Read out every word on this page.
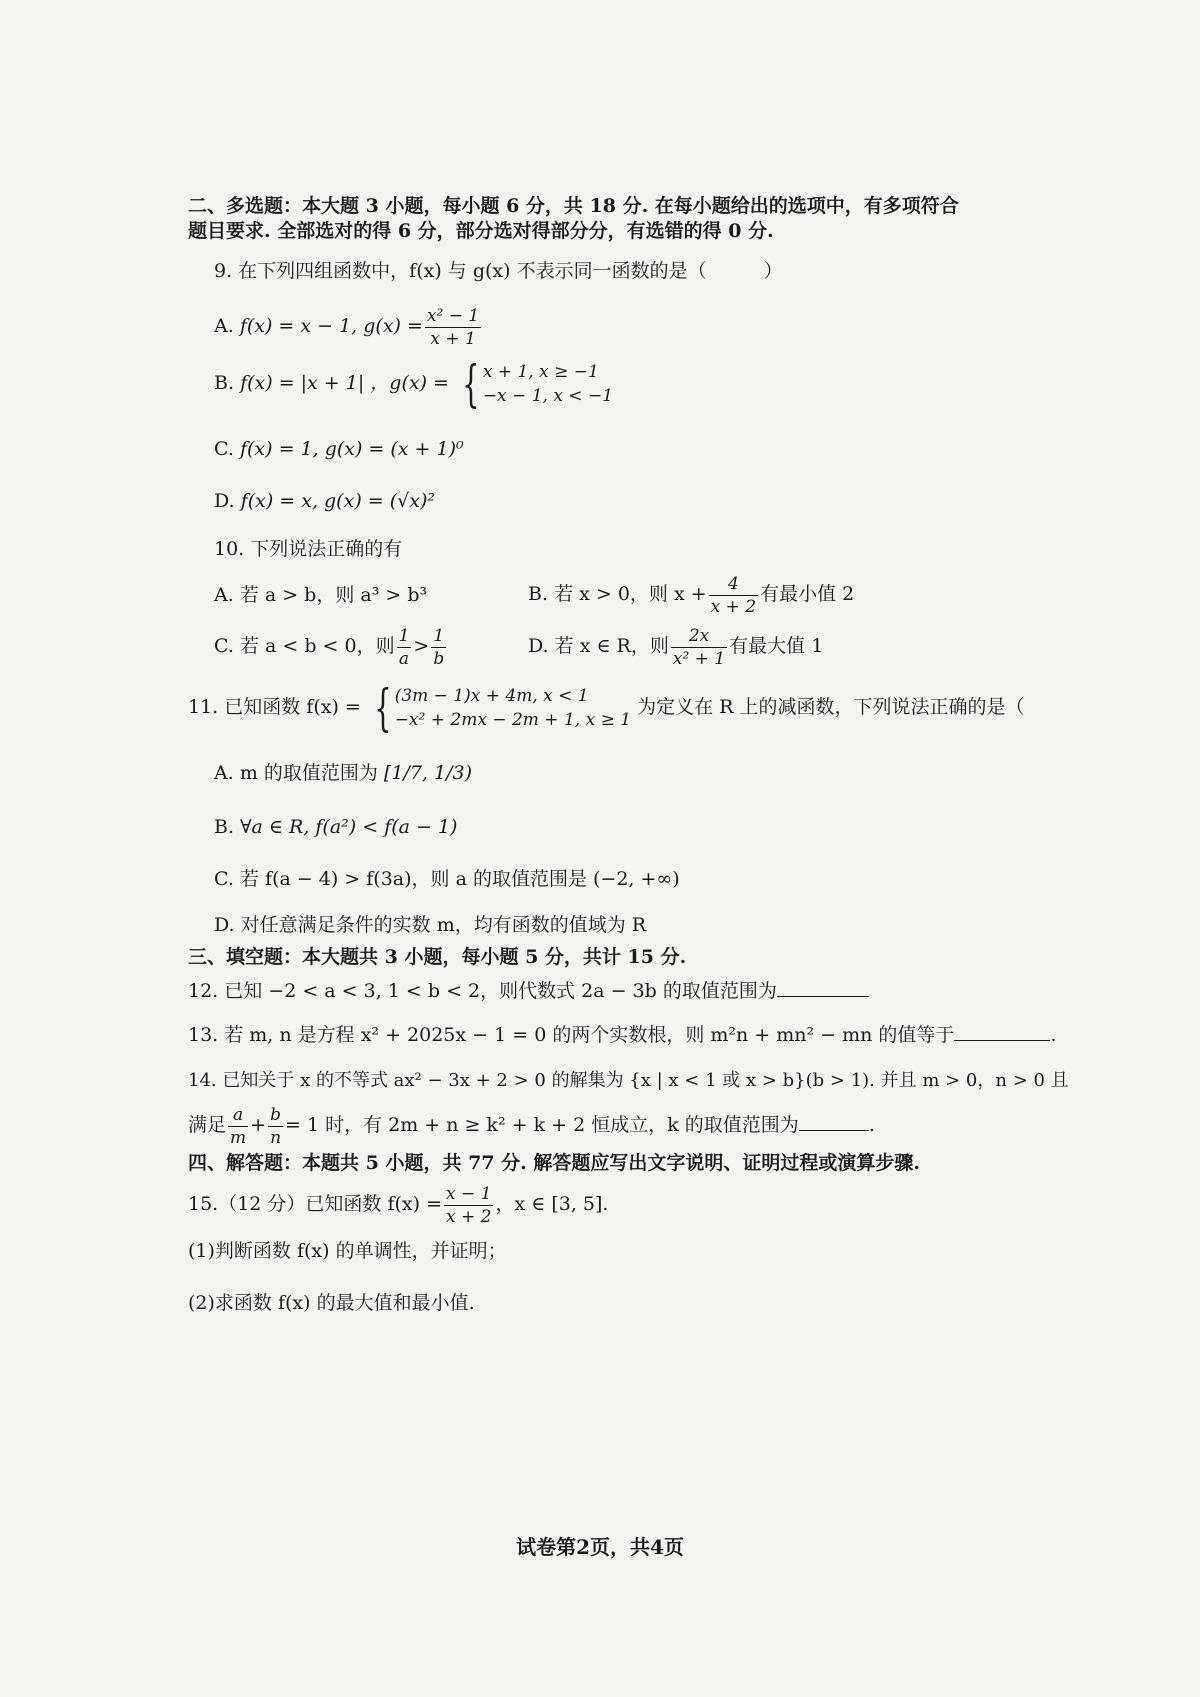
二、多选题：本大题 3 小题，每小题 6 分，共 18 分. 在每小题给出的选项中，有多项符合
题目要求. 全部选对的得 6 分，部分选对得部分分，有选错的得 0 分.
9. 在下列四组函数中，f(x) 与 g(x) 不表示同一函数的是（　　　）
A. f(x) = x − 1, $g(x) = \frac{\text{x² − 1}}{x + 1}$
B. f(x) = |x + 1| ，g(x) = { x + 1, x ≥ −1
−x − 1, x < −1
C. f(x) = 1, g(x) = (x + 1)⁰
D. f(x) = x, g(x) = (√x)²
10. 下列说法正确的有
A. 若 a > b，则 a³ > b³	B. 若 x > 0，则 $x + \frac{4}{x + 2}$ 有最小值 2
C. 若 a < b < 0，则 $\frac{1}{a} > \frac{1}{b}$	D. 若 x ∈ R，则 $\frac{2x}{\text{x² + 1}}$ 有最大值 1
11. 已知函数 f(x) = { (3m − 1)x + 4m, x < 1
−x² + 2mx − 2m + 1, x ≥ 1
为定义在 R 上的减函数，下列说法正确的是（
A. m 的取值范围为 [1/7, 1/3)
B. ∀a ∈ R, f(a²) < f(a − 1)
C. 若 f(a − 4) > f(3a)，则 a 的取值范围是 (−2, +∞)
D. 对任意满足条件的实数 m，均有函数的值域为 R
三、填空题：本大题共 3 小题，每小题 5 分，共计 15 分.
12. 已知 −2 < a < 3, 1 < b < 2，则代数式 2a − 3b 的取值范围为
13. 若 m, n 是方程 x² + 2025x − 1 = 0 的两个实数根，则 m²n + mn² − mn 的值等于	.
14. 已知关于 x 的不等式 ax² − 3x + 2 > 0 的解集为 {x | x < 1 或 x > b}(b > 1). 并且 m > 0，n > 0 且
满足 $\frac{a}{m} + \frac{b}{n} = 1$ 时，有 2m + n ≥ k² + k + 2 恒成立，k 的取值范围为	.
四、解答题：本题共 5 小题，共 77 分. 解答题应写出文字说明、证明过程或演算步骤.
15.（12 分）已知函数 $f(x) = \frac{x - 1}{x + 2}$ ，x ∈ [3, 5].
(1)判断函数 f(x) 的单调性，并证明；
(2)求函数 f(x) 的最大值和最小值.
试卷第2页，共4页
